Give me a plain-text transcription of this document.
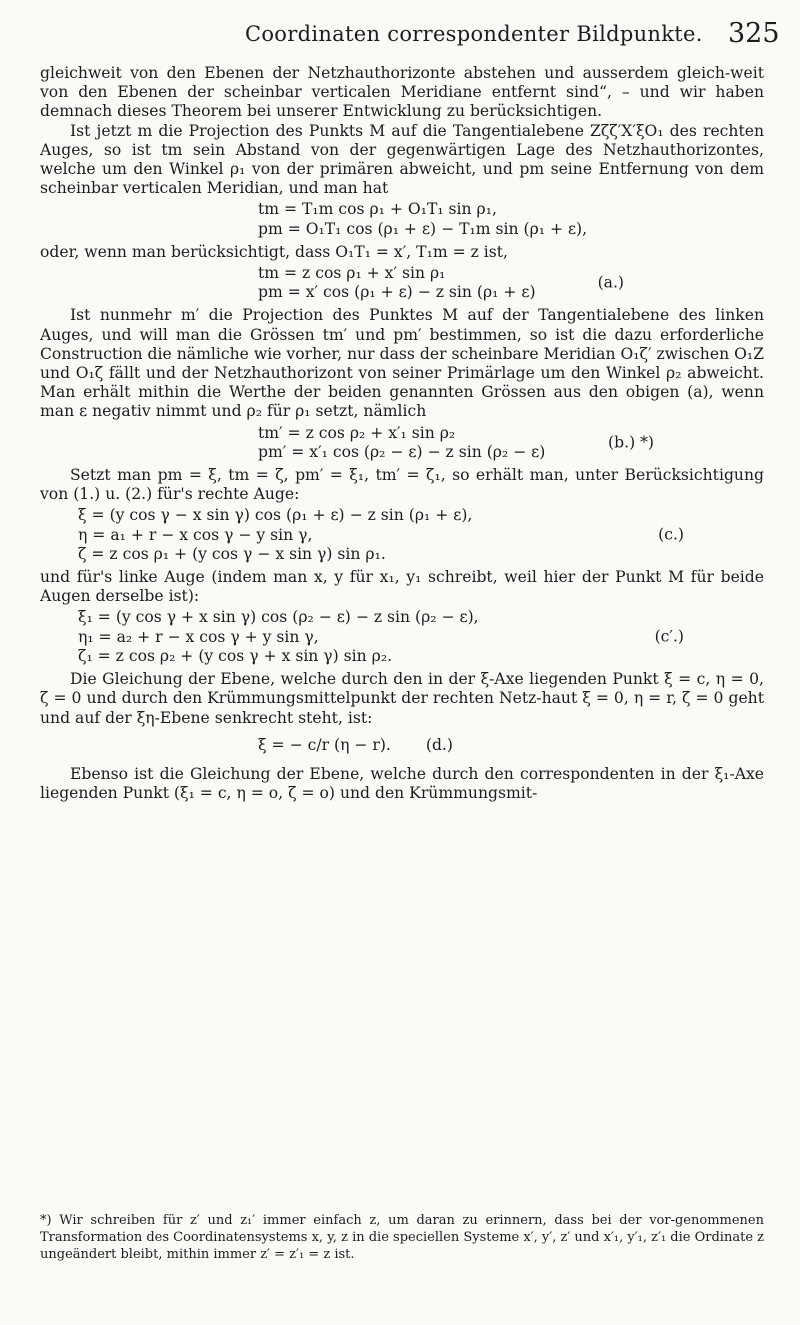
Coordinaten correspondenter Bildpunkte. 325

gleichweit von den Ebenen der Netzhauthorizonte abstehen und ausserdem gleich-weit von den Ebenen der scheinbar verticalen Meridiane entfernt sind“, – und wir haben demnach dieses Theorem bei unserer Entwicklung zu berücksichtigen.

Ist jetzt m die Projection des Punkts M auf die Tangentialebene Zζζ′X′ξO₁ des rechten Auges, so ist tm sein Abstand von der gegenwärtigen Lage des Netzhauthorizontes, welche um den Winkel ρ₁ von der primären abweicht, und pm seine Entfernung von dem scheinbar verticalen Meridian, und man hat

tm = T₁m cos ρ₁ + O₁T₁ sin ρ₁,
pm = O₁T₁ cos (ρ₁ + ε) − T₁m sin (ρ₁ + ε),

oder, wenn man berücksichtigt, dass O₁T₁ = x′, T₁m = z ist,

tm = z cos ρ₁ + x′ sin ρ₁
pm = x′ cos (ρ₁ + ε) − z sin (ρ₁ + ε)
(a.)

Ist nunmehr m′ die Projection des Punktes M auf der Tangentialebene des linken Auges, und will man die Grössen tm′ und pm′ bestimmen, so ist die dazu erforderliche Construction die nämliche wie vorher, nur dass der scheinbare Meridian O₁ζ′ zwischen O₁Z und O₁ζ fällt und der Netzhauthorizont von seiner Primärlage um den Winkel ρ₂ abweicht. Man erhält mithin die Werthe der beiden genannten Grössen aus den obigen (a), wenn man ε negativ nimmt und ρ₂ für ρ₁ setzt, nämlich

tm′ = z cos ρ₂ + x′₁ sin ρ₂
pm′ = x′₁ cos (ρ₂ − ε) − z sin (ρ₂ − ε)
(b.) *)

Setzt man pm = ξ, tm = ζ, pm′ = ξ₁, tm′ = ζ₁, so erhält man, unter Berücksichtigung von (1.) u. (2.) für's rechte Auge:

ξ = (y cos γ − x sin γ) cos (ρ₁ + ε) − z sin (ρ₁ + ε),
η = a₁ + r − x cos γ − y sin γ,
ζ = z cos ρ₁ + (y cos γ − x sin γ) sin ρ₁.
(c.)

und für's linke Auge (indem man x, y für x₁, y₁ schreibt, weil hier der Punkt M für beide Augen derselbe ist):

ξ₁ = (y cos γ + x sin γ) cos (ρ₂ − ε) − z sin (ρ₂ − ε),
η₁ = a₂ + r − x cos γ + y sin γ,
ζ₁ = z cos ρ₂ + (y cos γ + x sin γ) sin ρ₂.
(c′.)

Die Gleichung der Ebene, welche durch den in der ξ-Axe liegenden Punkt ξ = c, η = 0, ζ = 0 und durch den Krümmungsmittelpunkt der rechten Netz-haut ξ = 0, η = r, ζ = 0 geht und auf der ξη-Ebene senkrecht steht, ist:

ξ = − c/r (η − r). (d.)

Ebenso ist die Gleichung der Ebene, welche durch den correspondenten in der ξ₁-Axe liegenden Punkt (ξ₁ = c, η = o, ζ = o) und den Krümmungsmit-

*) Wir schreiben für z′ und z₁′ immer einfach z, um daran zu erinnern, dass bei der vor-genommenen Transformation des Coordinatensystems x, y, z in die speciellen Systeme x′, y′, z′ und x′₁, y′₁, z′₁ die Ordinate z ungeändert bleibt, mithin immer z′ = z′₁ = z ist.
